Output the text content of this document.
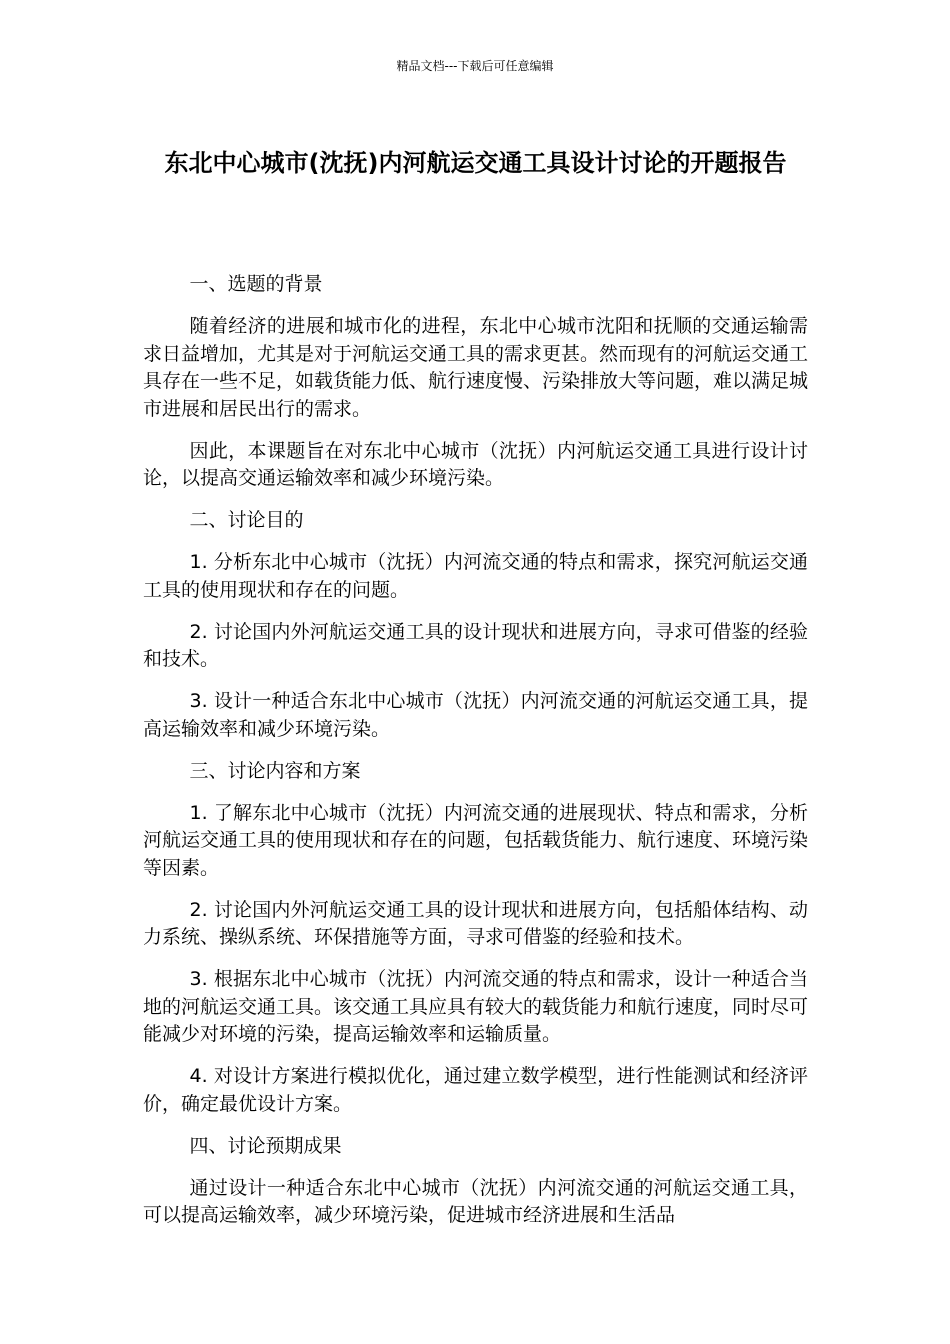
精品文档---下载后可任意编辑
东北中心城市(沈抚)内河航运交通工具设计讨论的开题报告

一、选题的背景

随着经济的进展和城市化的进程，东北中心城市沈阳和抚顺的交通运输需求日益增加，尤其是对于河航运交通工具的需求更甚。然而现有的河航运交通工具存在一些不足，如载货能力低、航行速度慢、污染排放大等问题，难以满足城市进展和居民出行的需求。

因此，本课题旨在对东北中心城市（沈抚）内河航运交通工具进行设计讨论，以提高交通运输效率和减少环境污染。

二、讨论目的

1. 分析东北中心城市（沈抚）内河流交通的特点和需求，探究河航运交通工具的使用现状和存在的问题。

2. 讨论国内外河航运交通工具的设计现状和进展方向，寻求可借鉴的经验和技术。

3. 设计一种适合东北中心城市（沈抚）内河流交通的河航运交通工具，提高运输效率和减少环境污染。

三、讨论内容和方案

1. 了解东北中心城市（沈抚）内河流交通的进展现状、特点和需求，分析河航运交通工具的使用现状和存在的问题，包括载货能力、航行速度、环境污染等因素。

2. 讨论国内外河航运交通工具的设计现状和进展方向，包括船体结构、动力系统、操纵系统、环保措施等方面，寻求可借鉴的经验和技术。

3. 根据东北中心城市（沈抚）内河流交通的特点和需求，设计一种适合当地的河航运交通工具。该交通工具应具有较大的载货能力和航行速度，同时尽可能减少对环境的污染，提高运输效率和运输质量。

4. 对设计方案进行模拟优化，通过建立数学模型，进行性能测试和经济评价，确定最优设计方案。

四、讨论预期成果

通过设计一种适合东北中心城市（沈抚）内河流交通的河航运交通工具，可以提高运输效率，减少环境污染，促进城市经济进展和生活品
